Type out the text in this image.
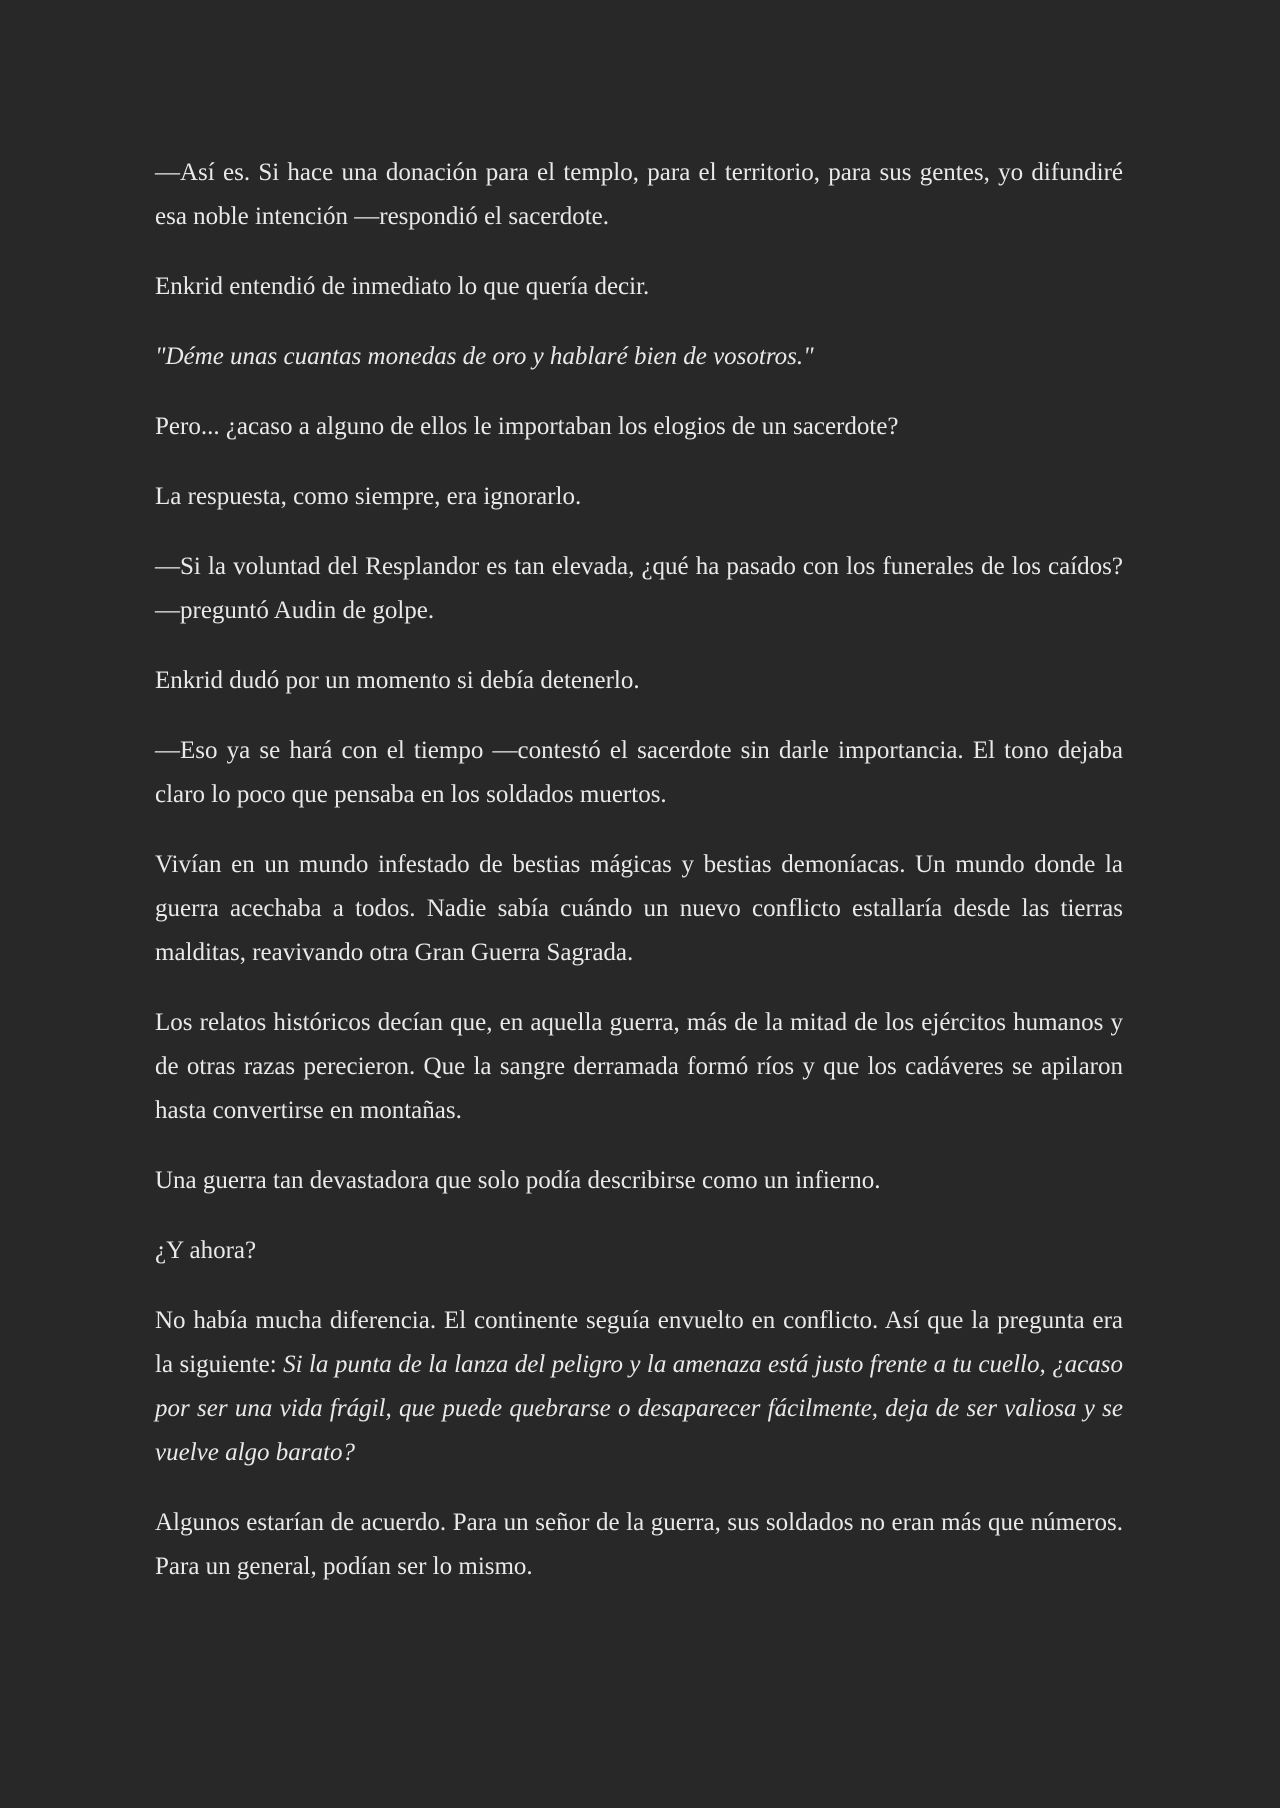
—Así es. Si hace una donación para el templo, para el territorio, para sus gentes, yo difundiré esa noble intención —respondió el sacerdote.

Enkrid entendió de inmediato lo que quería decir.

"Déme unas cuantas monedas de oro y hablaré bien de vosotros."

Pero... ¿acaso a alguno de ellos le importaban los elogios de un sacerdote?

La respuesta, como siempre, era ignorarlo.

—Si la voluntad del Resplandor es tan elevada, ¿qué ha pasado con los funerales de los caídos? —preguntó Audin de golpe.

Enkrid dudó por un momento si debía detenerlo.

—Eso ya se hará con el tiempo —contestó el sacerdote sin darle importancia. El tono dejaba claro lo poco que pensaba en los soldados muertos.

Vivían en un mundo infestado de bestias mágicas y bestias demoníacas. Un mundo donde la guerra acechaba a todos. Nadie sabía cuándo un nuevo conflicto estallaría desde las tierras malditas, reavivando otra Gran Guerra Sagrada.

Los relatos históricos decían que, en aquella guerra, más de la mitad de los ejércitos humanos y de otras razas perecieron. Que la sangre derramada formó ríos y que los cadáveres se apilaron hasta convertirse en montañas.

Una guerra tan devastadora que solo podía describirse como un infierno.

¿Y ahora?

No había mucha diferencia. El continente seguía envuelto en conflicto. Así que la pregunta era la siguiente: Si la punta de la lanza del peligro y la amenaza está justo frente a tu cuello, ¿acaso por ser una vida frágil, que puede quebrarse o desaparecer fácilmente, deja de ser valiosa y se vuelve algo barato?

Algunos estarían de acuerdo. Para un señor de la guerra, sus soldados no eran más que números. Para un general, podían ser lo mismo.
